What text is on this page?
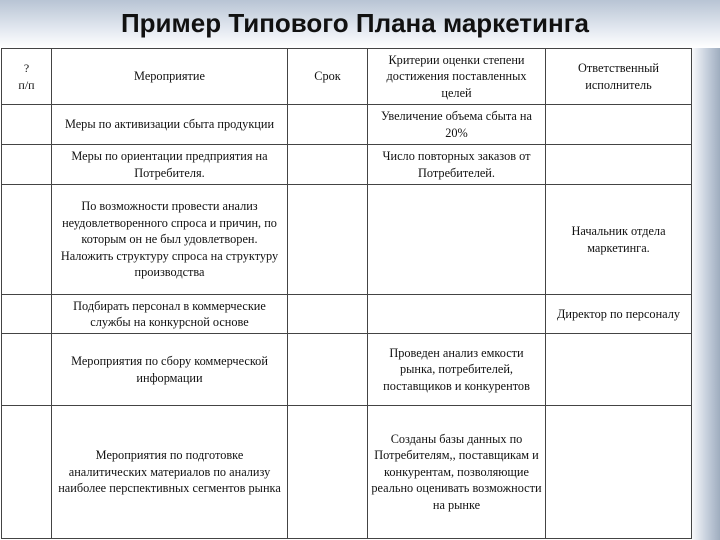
Пример Типового Плана маркетинга
?
п/п	Мероприятие	Срок	Критерии оценки степени достижения поставленных целей	Ответственный исполнитель
	Меры по активизации сбыта продукции		Увеличение объема сбыта на 20%	
	Меры по ориентации предприятия на Потребителя.		Число повторных заказов от Потребителей.	
	По возможности провести анализ неудовлетворенного спроса и причин, по которым он не был удовлетворен. Наложить структуру спроса на структуру производства			Начальник отдела маркетинга.
	Подбирать персонал в коммерческие службы на конкурсной основе			Директор по персоналу
	Мероприятия по сбору коммерческой информации		Проведен анализ емкости рынка, потребителей, поставщиков и конкурентов	
	Мероприятия по подготовке аналитических материалов по анализу наиболее перспективных сегментов рынка		Созданы базы данных по Потребителям,, поставщикам и конкурентам, позволяющие реально оценивать возможности на рынке	
